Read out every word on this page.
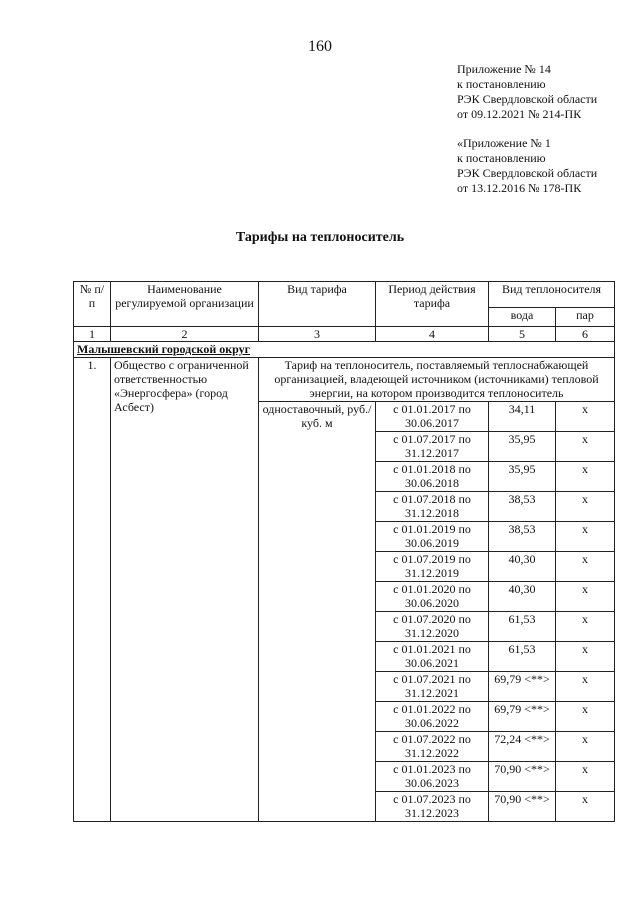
160
Приложение № 14
к постановлению
РЭК Свердловской области
от 09.12.2021 № 214-ПК
«Приложение № 1
к постановлению
РЭК Свердловской области
от 13.12.2016 № 178-ПК
Тарифы на теплоноситель
№ п/п	Наименование регулируемой организации	Вид тарифа	Период действия тарифа	Вид теплоносителя	
				вода	пар
1	2	3	4	5	6
Малышевский городской округ					
1.	Общество с ограниченной ответственностью «Энергосфера» (город Асбест)	Тариф на теплоноситель, поставляемый теплоснабжающей организацией, владеющей источником (источниками) тепловой энергии, на котором производится теплоноситель			
		одноставочный, руб./куб. м	с 01.01.2017 по 30.06.2017	34,11	х
			с 01.07.2017 по 31.12.2017	35,95	х
			с 01.01.2018 по 30.06.2018	35,95	х
			с 01.07.2018 по 31.12.2018	38,53	х
			с 01.01.2019 по 30.06.2019	38,53	х
			с 01.07.2019 по 31.12.2019	40,30	х
			с 01.01.2020 по 30.06.2020	40,30	х
			с 01.07.2020 по 31.12.2020	61,53	х
			с 01.01.2021 по 30.06.2021	61,53	х
			с 01.07.2021 по 31.12.2021	69,79 <**>	х
			с 01.01.2022 по 30.06.2022	69,79 <**>	х
			с 01.07.2022 по 31.12.2022	72,24 <**>	х
			с 01.01.2023 по 30.06.2023	70,90 <**>	х
			с 01.07.2023 по 31.12.2023	70,90 <**>	х
